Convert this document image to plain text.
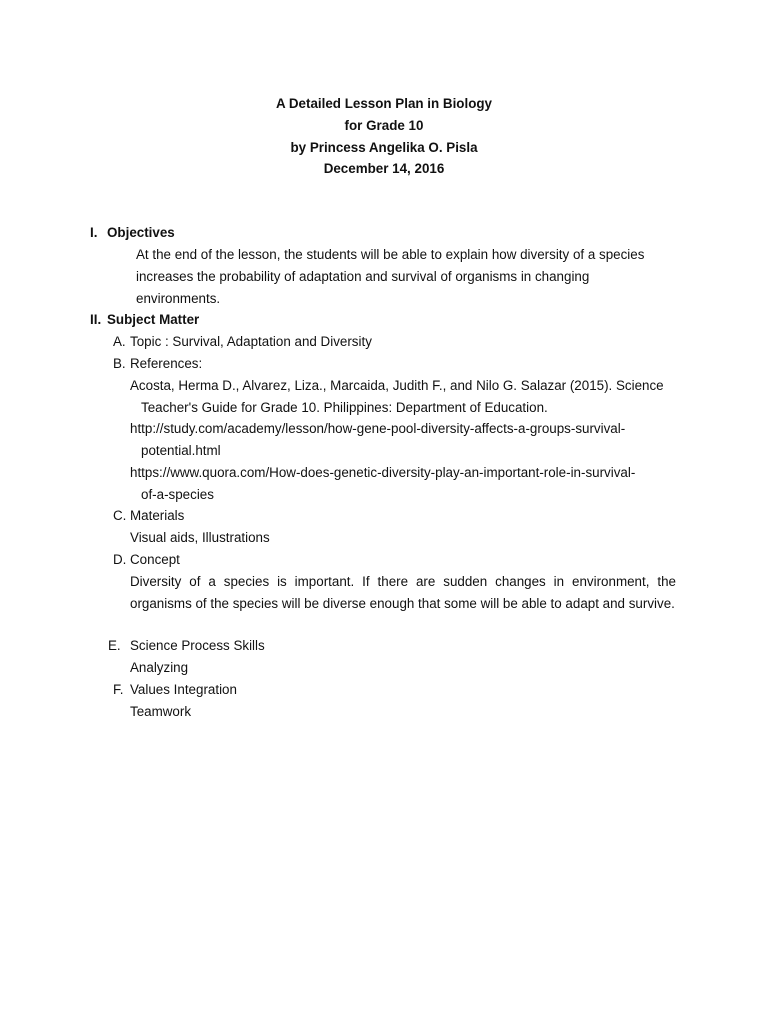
A Detailed Lesson Plan in Biology
for Grade 10
by Princess Angelika O. Pisla
December 14, 2016
I. Objectives
At the end of the lesson, the students will be able to explain how diversity of a species
increases the probability of adaptation and survival of organisms in changing
environments.
II. Subject Matter
A. Topic : Survival, Adaptation and Diversity
B. References:
Acosta, Herma D., Alvarez, Liza., Marcaida, Judith F., and Nilo G. Salazar (2015). Science
Teacher's Guide for Grade 10. Philippines: Department of Education.
http://study.com/academy/lesson/how-gene-pool-diversity-affects-a-groups-survival-
potential.html
https://www.quora.com/How-does-genetic-diversity-play-an-important-role-in-survival-
of-a-species
C. Materials
Visual aids, Illustrations
D. Concept
Diversity of a species is important. If there are sudden changes in environment, the organisms of the species will be diverse enough that some will be able to adapt and survive.
E. Science Process Skills
Analyzing
F. Values Integration
Teamwork
